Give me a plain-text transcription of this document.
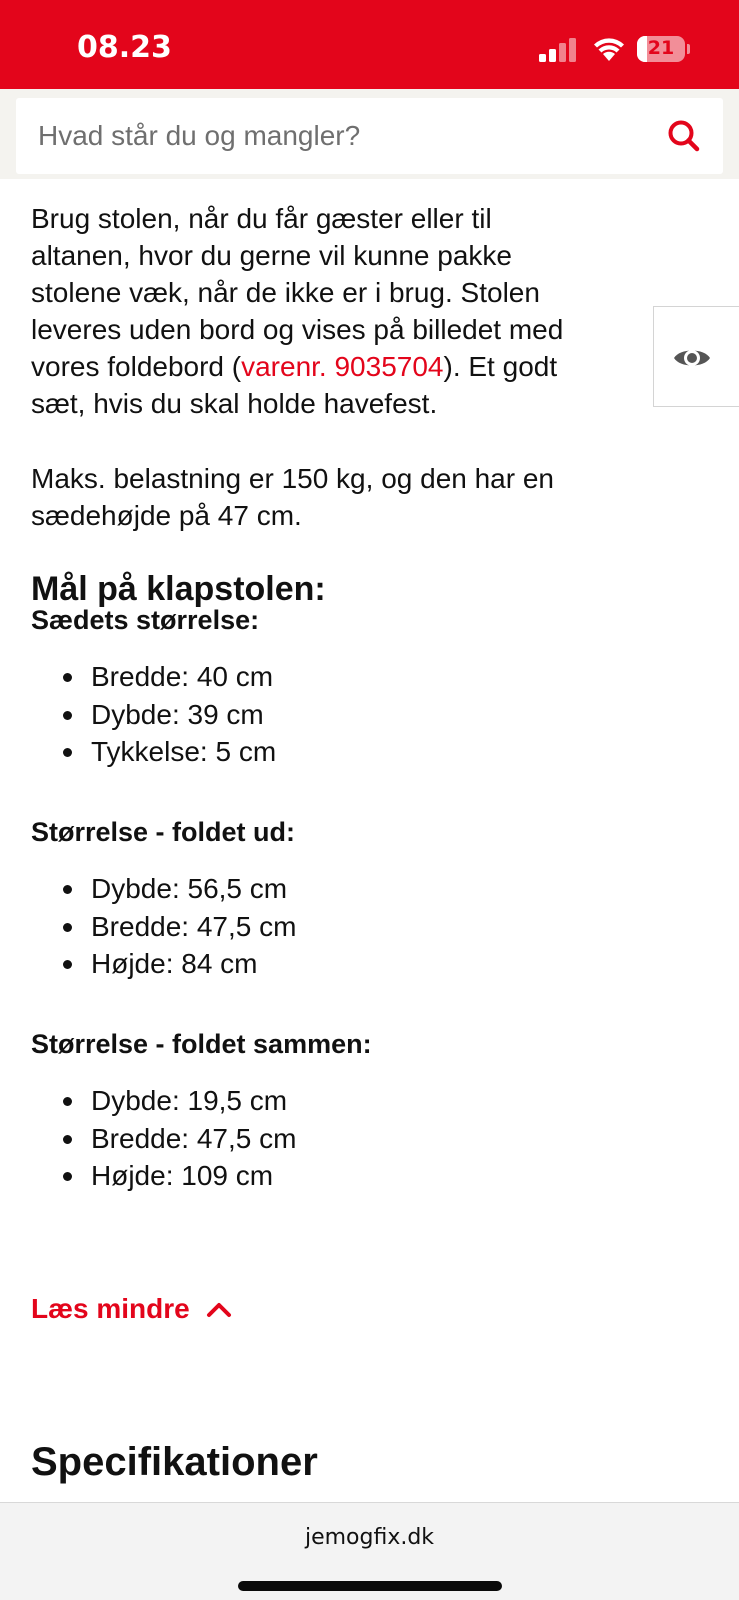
08.23	21
Hvad står du og mangler?
Brug stolen, når du får gæster eller til
altanen, hvor du gerne vil kunne pakke
stolene væk, når de ikke er i brug. Stolen
leveres uden bord og vises på billedet med
vores foldebord (varenr. 9035704). Et godt
sæt, hvis du skal holde havefest.
Maks. belastning er 150 kg, og den har en
sædehøjde på 47 cm.
Mål på klapstolen:
Sædets størrelse:
Bredde: 40 cm
Dybde: 39 cm
Tykkelse: 5 cm
Størrelse - foldet ud:
Dybde: 56,5 cm
Bredde: 47,5 cm
Højde: 84 cm
Størrelse - foldet sammen:
Dybde: 19,5 cm
Bredde: 47,5 cm
Højde: 109 cm
Læs mindre
Specifikationer
jemogfix.dk
